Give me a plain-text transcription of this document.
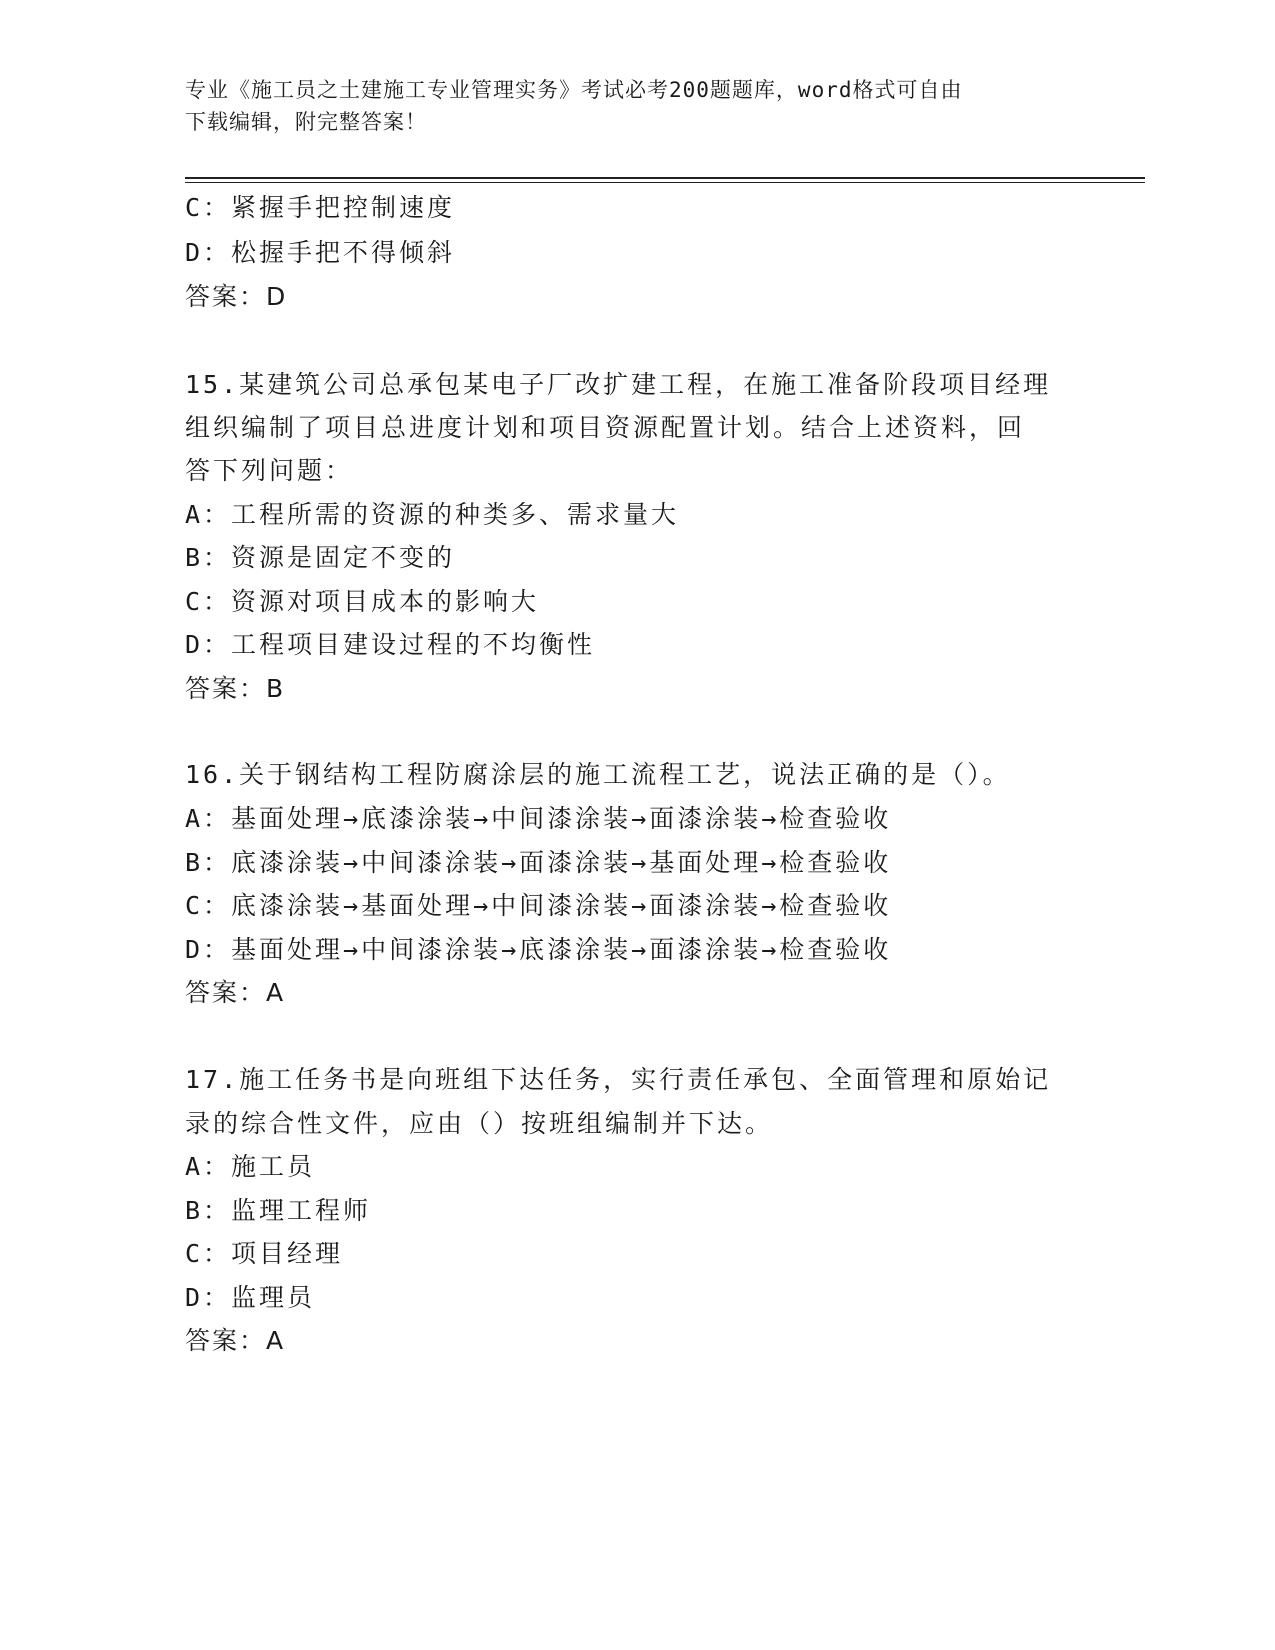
专业《施工员之土建施工专业管理实务》考试必考200题题库，word格式可自由
下载编辑，附完整答案！
C：紧握手把控制速度
D：松握手把不得倾斜
答案：D
15.某建筑公司总承包某电子厂改扩建工程，在施工准备阶段项目经理
组织编制了项目总进度计划和项目资源配置计划。结合上述资料，回
答下列问题：
A：工程所需的资源的种类多、需求量大
B：资源是固定不变的
C：资源对项目成本的影响大
D：工程项目建设过程的不均衡性
答案：B
16.关于钢结构工程防腐涂层的施工流程工艺，说法正确的是（）。
A：基面处理→底漆涂装→中间漆涂装→面漆涂装→检查验收
B：底漆涂装→中间漆涂装→面漆涂装→基面处理→检查验收
C：底漆涂装→基面处理→中间漆涂装→面漆涂装→检查验收
D：基面处理→中间漆涂装→底漆涂装→面漆涂装→检查验收
答案：A
17.施工任务书是向班组下达任务，实行责任承包、全面管理和原始记
录的综合性文件，应由（）按班组编制并下达。
A：施工员
B：监理工程师
C：项目经理
D：监理员
答案：A
